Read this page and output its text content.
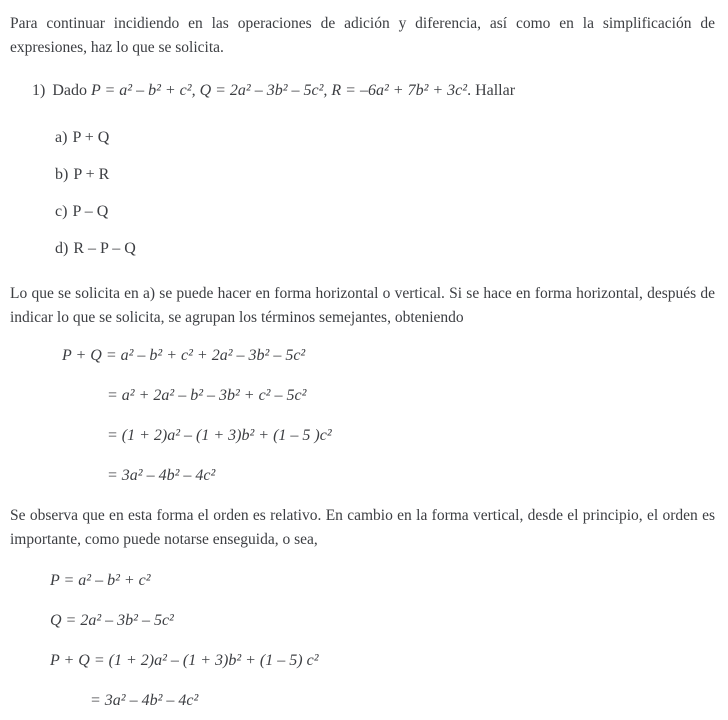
Para continuar incidiendo en las operaciones de adición y diferencia, así como en la simplificación de expresiones, haz lo que se solicita.

1) Dado P = a² – b² + c², Q = 2a² – 3b² – 5c², R = –6a² + 7b² + 3c². Hallar

a) P + Q

b) P + R

c) P – Q

d) R – P – Q

Lo que se solicita en a) se puede hacer en forma horizontal o vertical. Si se hace en forma horizontal, después de indicar lo que se solicita, se agrupan los términos semejantes, obteniendo

P + Q = a² – b² + c² + 2a² – 3b² – 5c²

= a² + 2a² – b² – 3b² + c² – 5c²

= (1 + 2)a² – (1 + 3)b² + (1 – 5 )c²

= 3a² – 4b² – 4c²

Se observa que en esta forma el orden es relativo. En cambio en la forma vertical, desde el principio, el orden es importante, como puede notarse enseguida, o sea,

P = a² – b² + c²

Q = 2a² – 3b² – 5c²

P + Q = (1 + 2)a² – (1 + 3)b² + (1 – 5) c²

= 3a² – 4b² – 4c²
